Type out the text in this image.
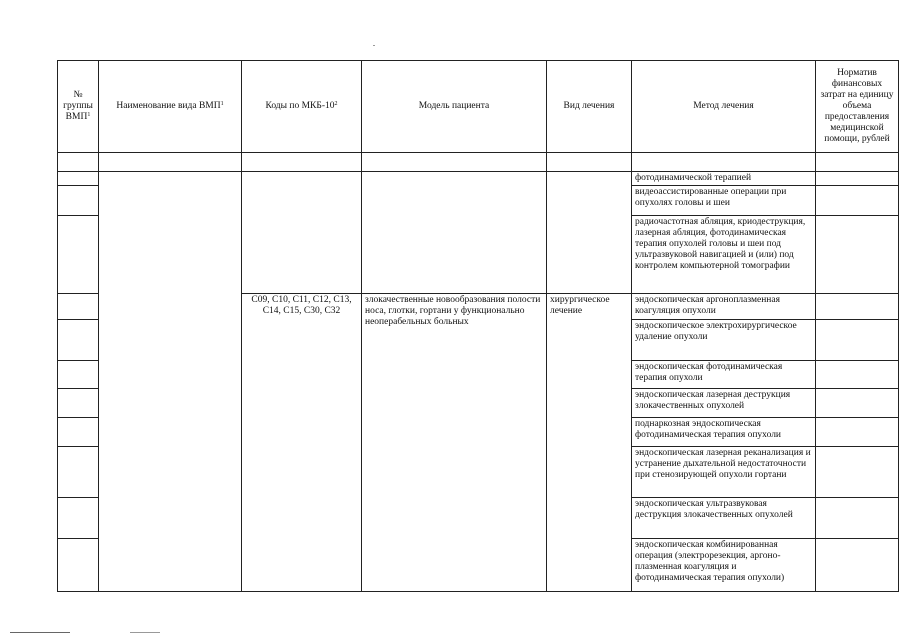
№ группы ВМП$^1$	Наименование вида ВМП$^1$	Коды по МКБ-$10^2$	Модель пациента	Вид лечения	Метод лечения	Норматив финансовых затрат на единицу объема предоставления медицинской помощи, рублей

					фотодинамической терапией	
					видеоассистированные операции при опухолях головы и шеи	
					радиочастотная абляция, криодеструкция, лазерная абляция, фотодинамическая терапия опухолей головы и шеи под ультразвуковой навигацией и (или) под контролем компьютерной томографии	
		C09, C10, C11, C12, C13, C14, C15, C30, C32	злокачественные новообразования полости носа, глотки, гортани у функционально неоперабельных больных	хирургическое лечение	эндоскопическая аргоноплазменная коагуляция опухоли	
					эндоскопическое электрохирургическое удаление опухоли	
					эндоскопическая фотодинамическая терапия опухоли	
					эндоскопическая лазерная деструкция злокачественных опухолей	
					поднаркозная эндоскопическая фотодинамическая терапия опухоли	
					эндоскопическая лазерная реканализация и устранение дыхательной недостаточности при стенозирующей опухоли гортани	
					эндоскопическая ультразвуковая деструкция злокачественных опухолей	
					эндоскопическая комбинированная операция (электрорезекция, аргоно-плазменная коагуляция и фотодинамическая терапия опухоли)	
